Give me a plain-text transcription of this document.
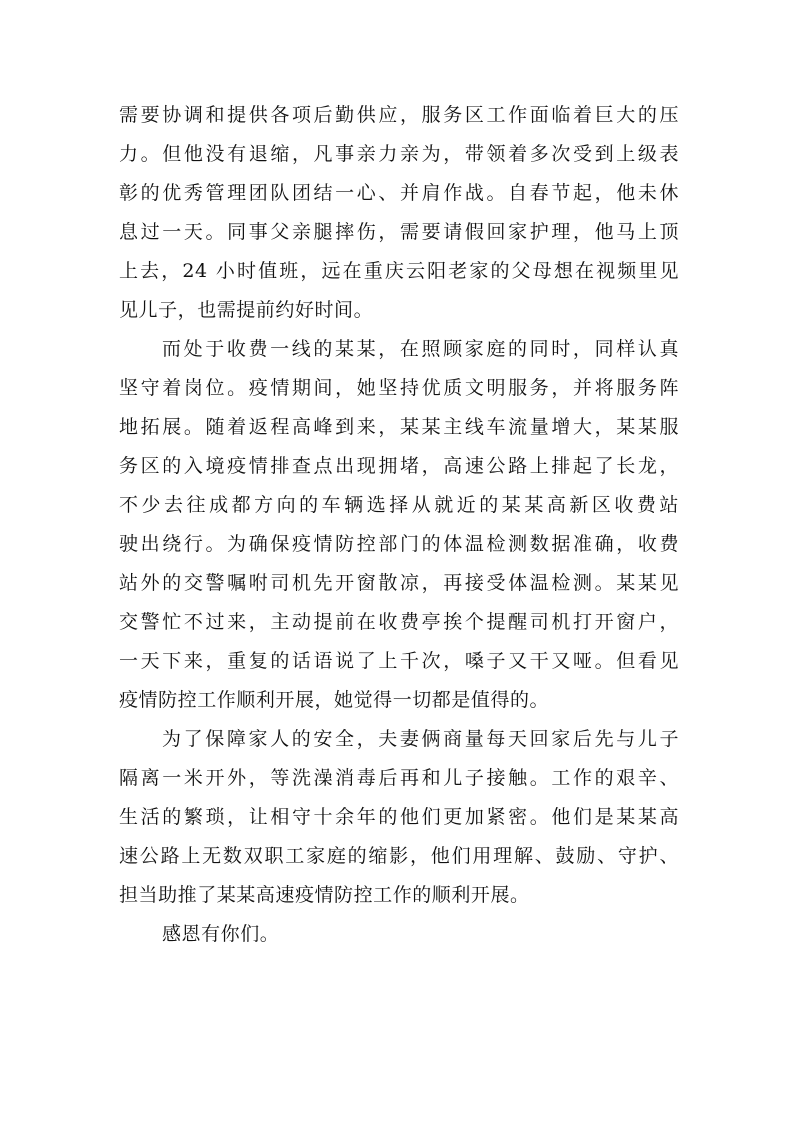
需要协调和提供各项后勤供应，服务区工作面临着巨大的压
力。但他没有退缩，凡事亲力亲为，带领着多次受到上级表
彰的优秀管理团队团结一心、并肩作战。自春节起，他未休
息过一天。同事父亲腿摔伤，需要请假回家护理，他马上顶
上去，24 小时值班，远在重庆云阳老家的父母想在视频里见
见儿子，也需提前约好时间。
而处于收费一线的某某，在照顾家庭的同时，同样认真
坚守着岗位。疫情期间，她坚持优质文明服务，并将服务阵
地拓展。随着返程高峰到来，某某主线车流量增大，某某服
务区的入境疫情排查点出现拥堵，高速公路上排起了长龙，
不少去往成都方向的车辆选择从就近的某某高新区收费站
驶出绕行。为确保疫情防控部门的体温检测数据准确，收费
站外的交警嘱咐司机先开窗散凉，再接受体温检测。某某见
交警忙不过来，主动提前在收费亭挨个提醒司机打开窗户，
一天下来，重复的话语说了上千次，嗓子又干又哑。但看见
疫情防控工作顺利开展，她觉得一切都是值得的。
为了保障家人的安全，夫妻俩商量每天回家后先与儿子
隔离一米开外，等洗澡消毒后再和儿子接触。工作的艰辛、
生活的繁琐，让相守十余年的他们更加紧密。他们是某某高
速公路上无数双职工家庭的缩影，他们用理解、鼓励、守护、
担当助推了某某高速疫情防控工作的顺利开展。
感恩有你们。
